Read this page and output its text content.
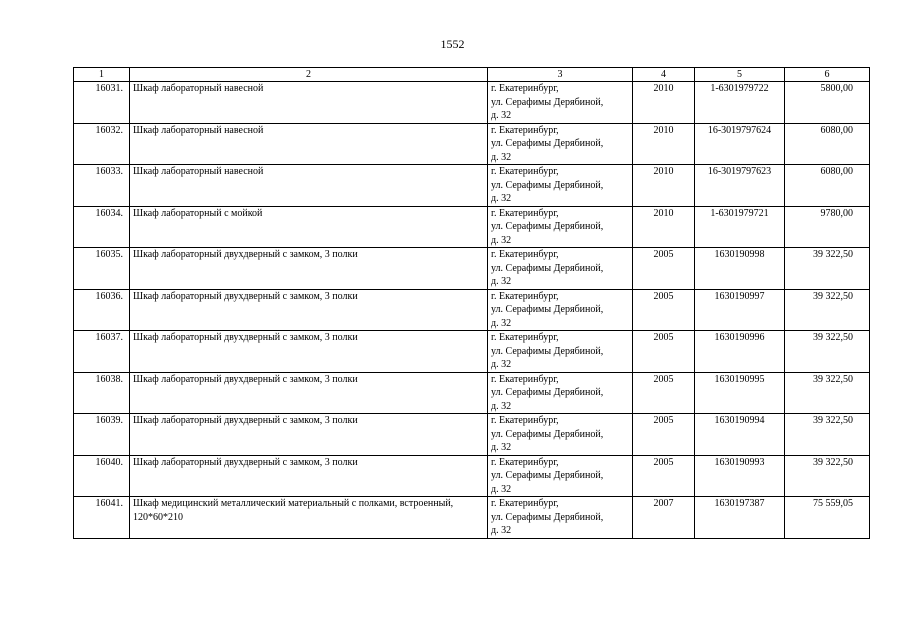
1552
1	2	3	4	5	6
16031.	Шкаф лабораторный навесной	г. Екатеринбург,
ул. Серафимы Дерябиной,
д. 32	2010	1-6301979722	5800,00
16032.	Шкаф лабораторный навесной	г. Екатеринбург,
ул. Серафимы Дерябиной,
д. 32	2010	16-3019797624	6080,00
16033.	Шкаф лабораторный навесной	г. Екатеринбург,
ул. Серафимы Дерябиной,
д. 32	2010	16-3019797623	6080,00
16034.	Шкаф лабораторный с мойкой	г. Екатеринбург,
ул. Серафимы Дерябиной,
д. 32	2010	1-6301979721	9780,00
16035.	Шкаф лабораторный двухдверный с замком, 3 полки	г. Екатеринбург,
ул. Серафимы Дерябиной,
д. 32	2005	1630190998	39 322,50
16036.	Шкаф лабораторный двухдверный с замком, 3 полки	г. Екатеринбург,
ул. Серафимы Дерябиной,
д. 32	2005	1630190997	39 322,50
16037.	Шкаф лабораторный двухдверный с замком, 3 полки	г. Екатеринбург,
ул. Серафимы Дерябиной,
д. 32	2005	1630190996	39 322,50
16038.	Шкаф лабораторный двухдверный с замком, 3 полки	г. Екатеринбург,
ул. Серафимы Дерябиной,
д. 32	2005	1630190995	39 322,50
16039.	Шкаф лабораторный двухдверный с замком, 3 полки	г. Екатеринбург,
ул. Серафимы Дерябиной,
д. 32	2005	1630190994	39 322,50
16040.	Шкаф лабораторный двухдверный с замком, 3 полки	г. Екатеринбург,
ул. Серафимы Дерябиной,
д. 32	2005	1630190993	39 322,50
16041.	Шкаф медицинский металлический материальный с полками, встроенный, 120*60*210	г. Екатеринбург,
ул. Серафимы Дерябиной,
д. 32	2007	1630197387	75 559,05
